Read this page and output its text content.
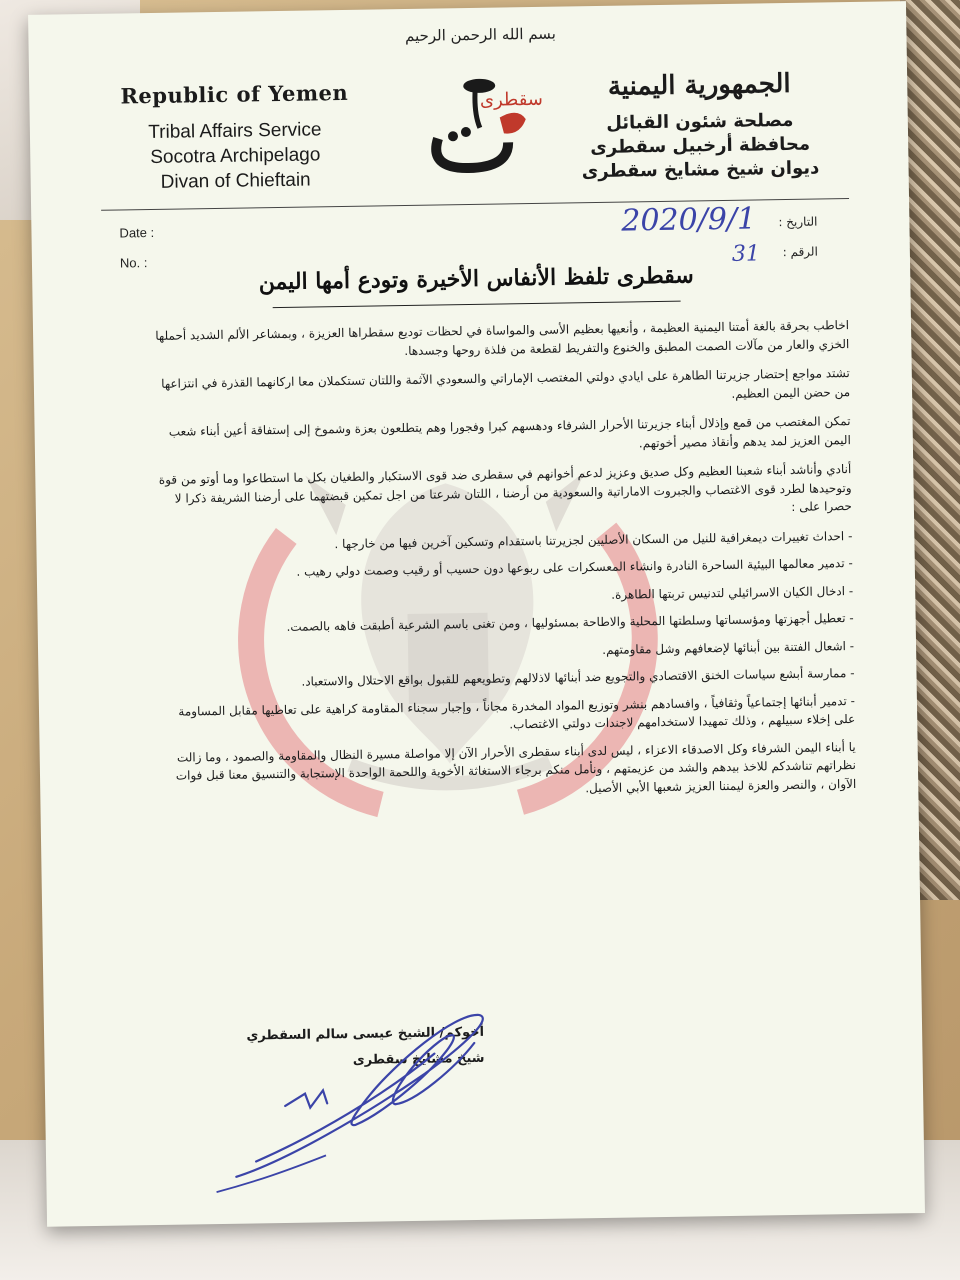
بسم الله الرحمن الرحيم
سقطرى
Republic of Yemen
Tribal Affairs Service
Socotra Archipelago
Divan of Chieftain
الجمهورية اليمنية
مصلحة شئون القبائل
محافظة أرخبيل سقطرى
ديوان شيخ مشايخ سقطرى
Date :
No. :
التاريخ :
الرقم :
2020/9/1
31
سقطرى تلفظ الأنفاس الأخيرة وتودع أمها اليمن

اخاطب بحرقة بالغة أمتنا اليمنية العظيمة ، وأنعيها بعظيم الأسى والمواساة في لحظات توديع سقطراها العزيزة ، وبمشاعر الألم الشديد أحملها الخزي والعار من مآلات الصمت المطبق والخنوع والتفريط لقطعة من فلذة روحها وجسدها.

تشتد مواجع إحتضار جزيرتنا الطاهرة على ايادي دولتي المغتصب الإماراتي والسعودي الآثمة واللتان تستكملان معا اركانهما القذرة في انتزاعها من حضن اليمن العظيم.

تمكن المغتصب من قمع وإذلال أبناء جزيرتنا الأحرار الشرفاء ودهسهم كبرا وفجورا وهم يتطلعون بعزة وشموخ إلى إستفاقة أعين أبناء شعب اليمن العزيز لمد يدهم وأنقاذ مصير أخوتهم.

أنادي وأناشد أبناء شعبنا العظيم وكل صديق وعزيز لدعم أخوانهم في سقطرى ضد قوى الاستكبار والطغيان بكل ما استطاعوا وما أوتو من قوة وتوحيدها لطرد قوى الاغتصاب والجبروت الاماراتية والسعودية من أرضنا ، اللتان شرعتا من اجل تمكين قبضتهما على أرضنا الشريفة ذكرا لا حصرا على :

- احداث تغييرات ديمغرافية للنيل من السكان الأصليين لجزيرتنا باستقدام وتسكين آخرين فيها من خارجها .
- تدمير معالمها البيئية الساحرة النادرة وانشاء المعسكرات على ربوعها دون حسيب أو رقيب وصمت دولي رهيب .
- ادخال الكيان الاسرائيلي لتدنيس تربتها الطاهرة.
- تعطيل أجهزتها ومؤسساتها وسلطتها المحلية والاطاحة بمسئوليها ، ومن تغنى باسم الشرعية أطبقت فاهه بالصمت.
- اشعال الفتنة بين أبنائها لإضعافهم وشل مقاومتهم.
- ممارسة أبشع سياسات الخنق الاقتصادي والتجويع ضد أبنائها لاذلالهم وتطويعهم للقبول بواقع الاحتلال والاستعباد.
- تدمير أبنائها إجتماعياً وثقافياً ، وافسادهم بنشر وتوزيع المواد المخدرة مجاناً ، وإجبار سجناء المقاومة كراهية على تعاطيها مقابل المساومة على إخلاء سبيلهم ، وذلك تمهيدا لاستخدامهم لاجندات دولتي الاغتصاب.

يا أبناء اليمن الشرفاء وكل الاصدقاء الاعزاء ، ليس لدى أبناء سقطرى الأحرار الآن إلا مواصلة مسيرة النظال والمقاومة والصمود ، وما زالت نظراتهم تناشدكم للاخذ بيدهم والشد من عزيمتهم ، ونأمل منكم برجاء الاستغاثة الأخوية واللحمة الواحدة الإستجابة والتنسيق معنا قبل فوات الآوان ، والنصر والعزة ليمننا العزيز شعبها الأبي الأصيل.

أخوكم/ الشيخ عيسى سالم السقطري
شيخ مشايخ سقطرى
